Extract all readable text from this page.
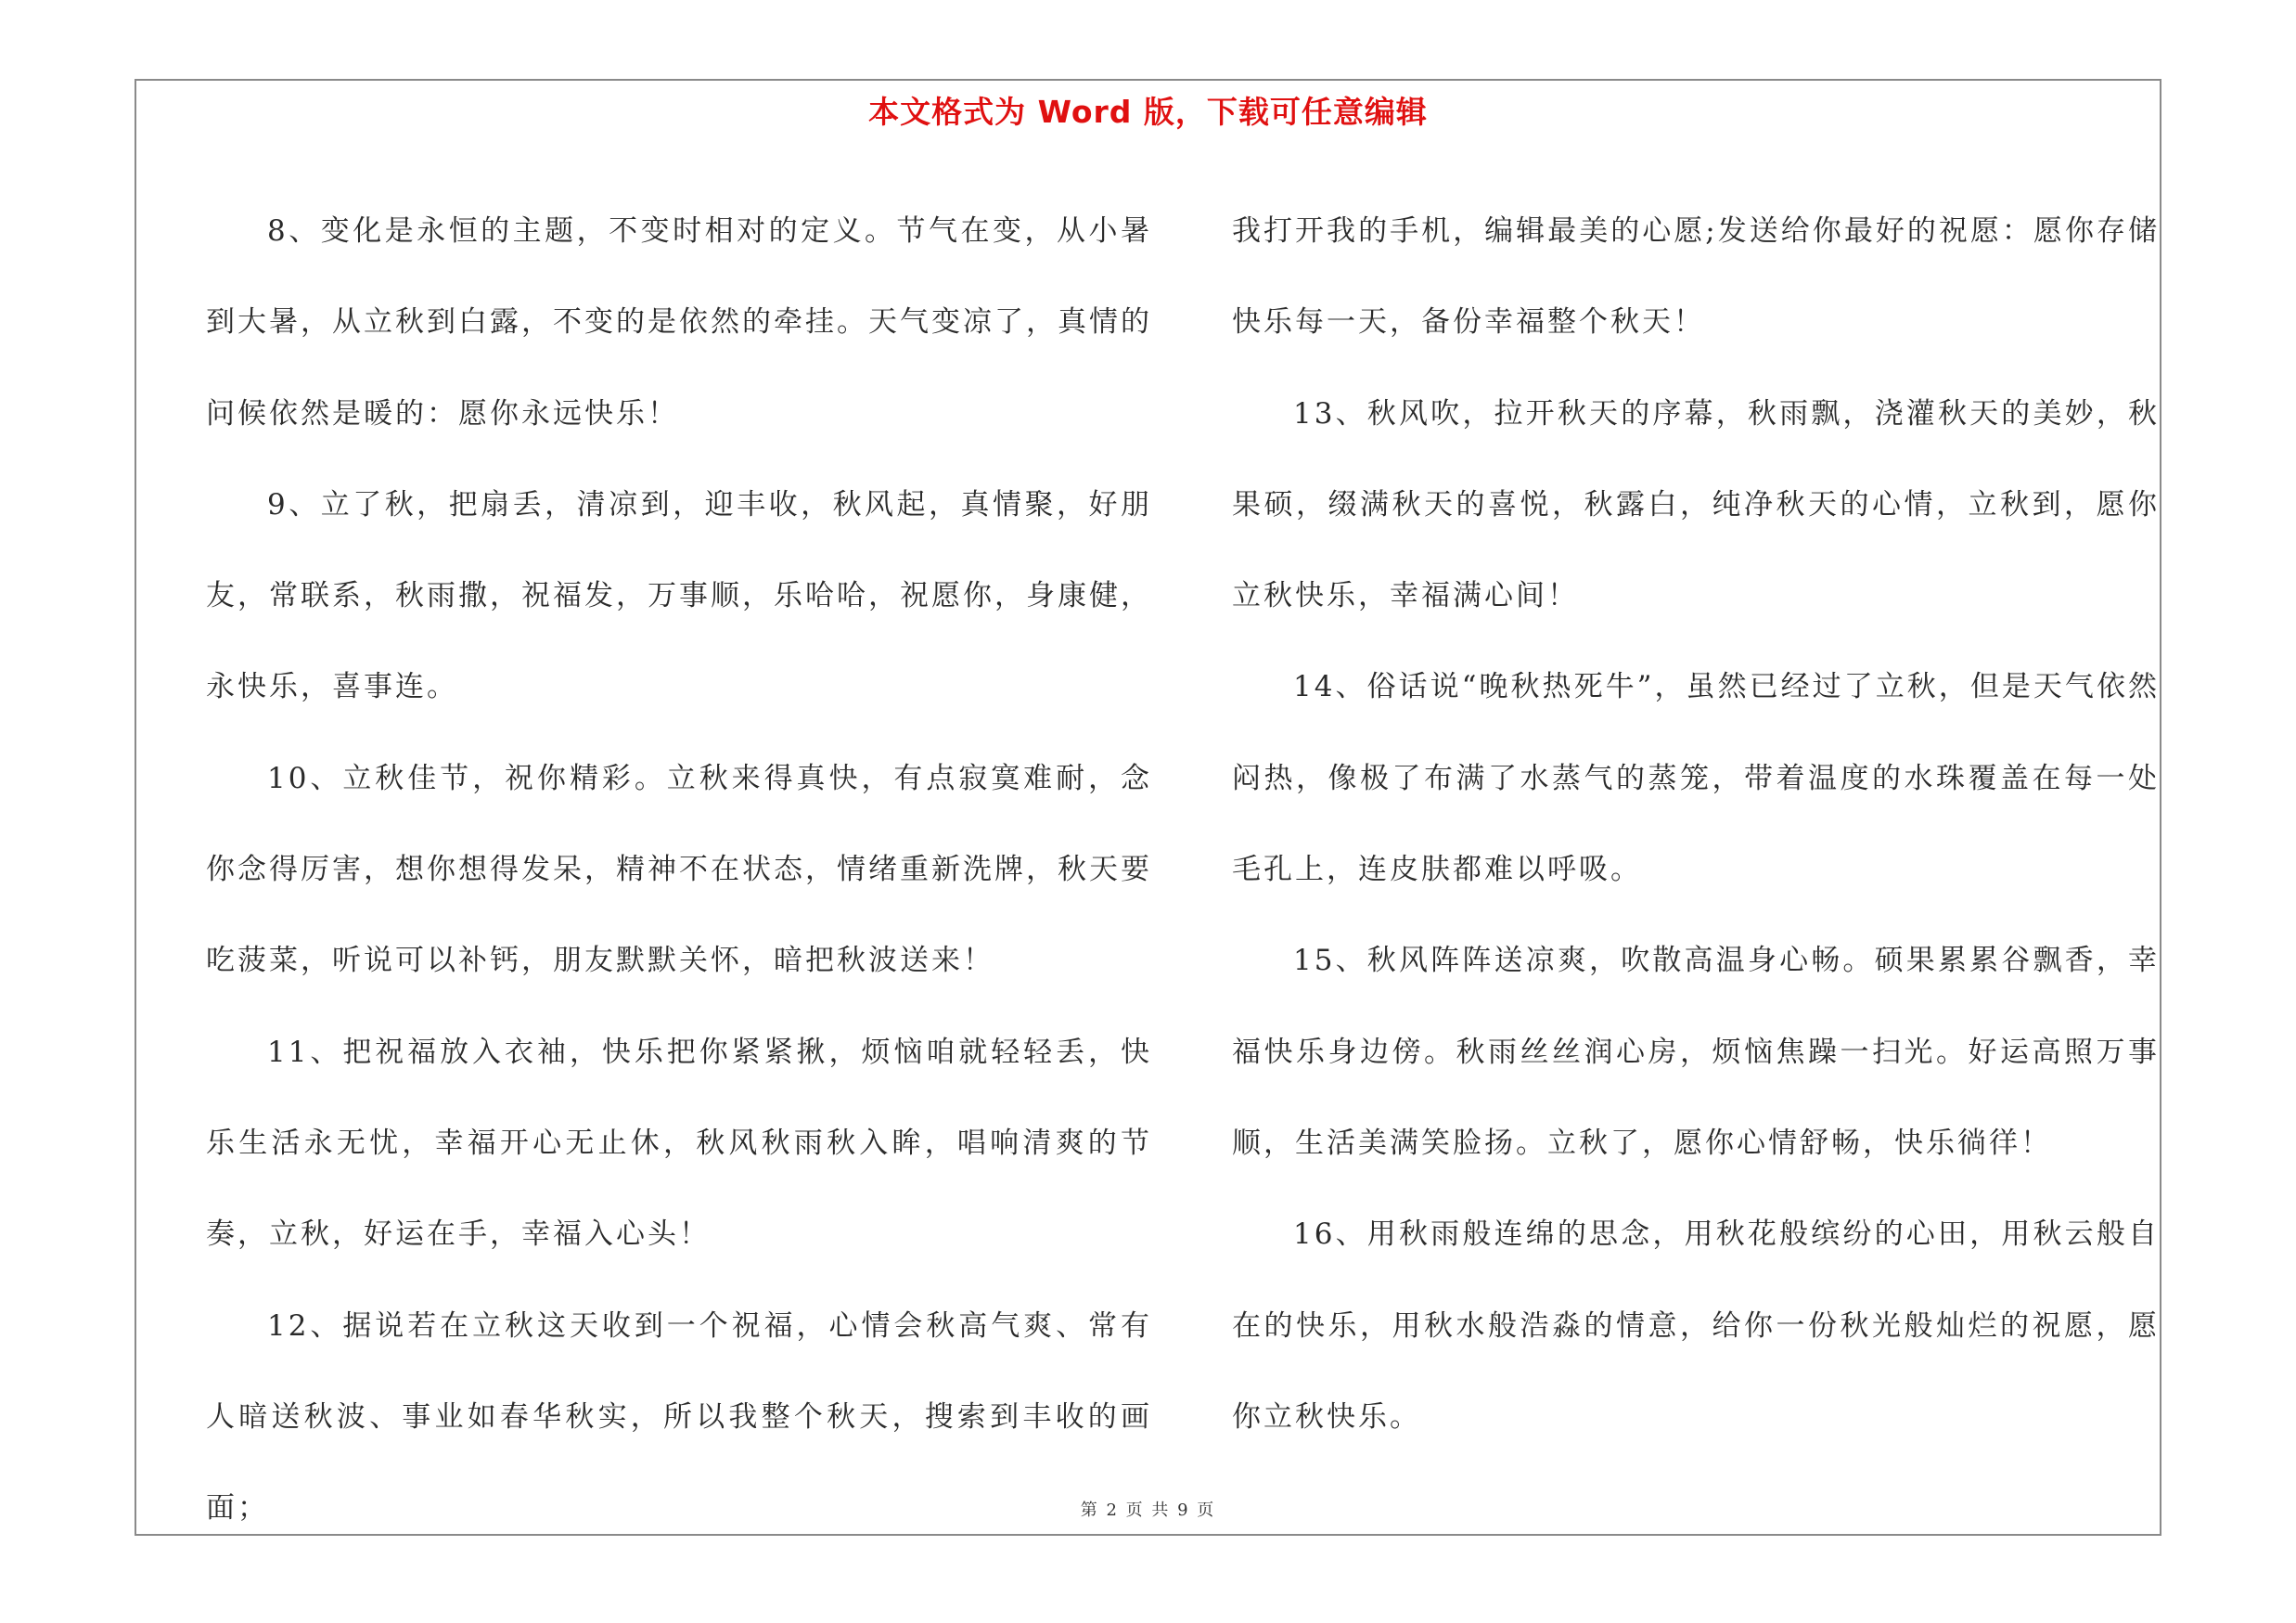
本文格式为 Word 版，下载可任意编辑

8、变化是永恒的主题，不变时相对的定义。节气在变，从小暑到大暑，从立秋到白露，不变的是依然的牵挂。天气变凉了，真情的问候依然是暖的：愿你永远快乐！

9、立了秋，把扇丢，清凉到，迎丰收，秋风起，真情聚，好朋友，常联系，秋雨撒，祝福发，万事顺，乐哈哈，祝愿你，身康健，永快乐，喜事连。

10、立秋佳节，祝你精彩。立秋来得真快，有点寂寞难耐，念你念得厉害，想你想得发呆，精神不在状态，情绪重新洗牌，秋天要吃菠菜，听说可以补钙，朋友默默关怀，暗把秋波送来！

11、把祝福放入衣袖，快乐把你紧紧揪，烦恼咱就轻轻丢，快乐生活永无忧，幸福开心无止休，秋风秋雨秋入眸，唱响清爽的节奏，立秋，好运在手，幸福入心头！

12、据说若在立秋这天收到一个祝福，心情会秋高气爽、常有人暗送秋波、事业如春华秋实，所以我整个秋天，搜索到丰收的画面；

我打开我的手机，编辑最美的心愿;发送给你最好的祝愿：愿你存储快乐每一天，备份幸福整个秋天！

13、秋风吹，拉开秋天的序幕，秋雨飘，浇灌秋天的美妙，秋果硕，缀满秋天的喜悦，秋露白，纯净秋天的心情，立秋到，愿你立秋快乐，幸福满心间！

14、俗话说“晚秋热死牛”，虽然已经过了立秋，但是天气依然闷热，像极了布满了水蒸气的蒸笼，带着温度的水珠覆盖在每一处毛孔上，连皮肤都难以呼吸。

15、秋风阵阵送凉爽，吹散高温身心畅。硕果累累谷飘香，幸福快乐身边傍。秋雨丝丝润心房，烦恼焦躁一扫光。好运高照万事顺，生活美满笑脸扬。立秋了，愿你心情舒畅，快乐徜徉！

16、用秋雨般连绵的思念，用秋花般缤纷的心田，用秋云般自在的快乐，用秋水般浩淼的情意，给你一份秋光般灿烂的祝愿，愿你立秋快乐。

第 2 页 共 9 页
